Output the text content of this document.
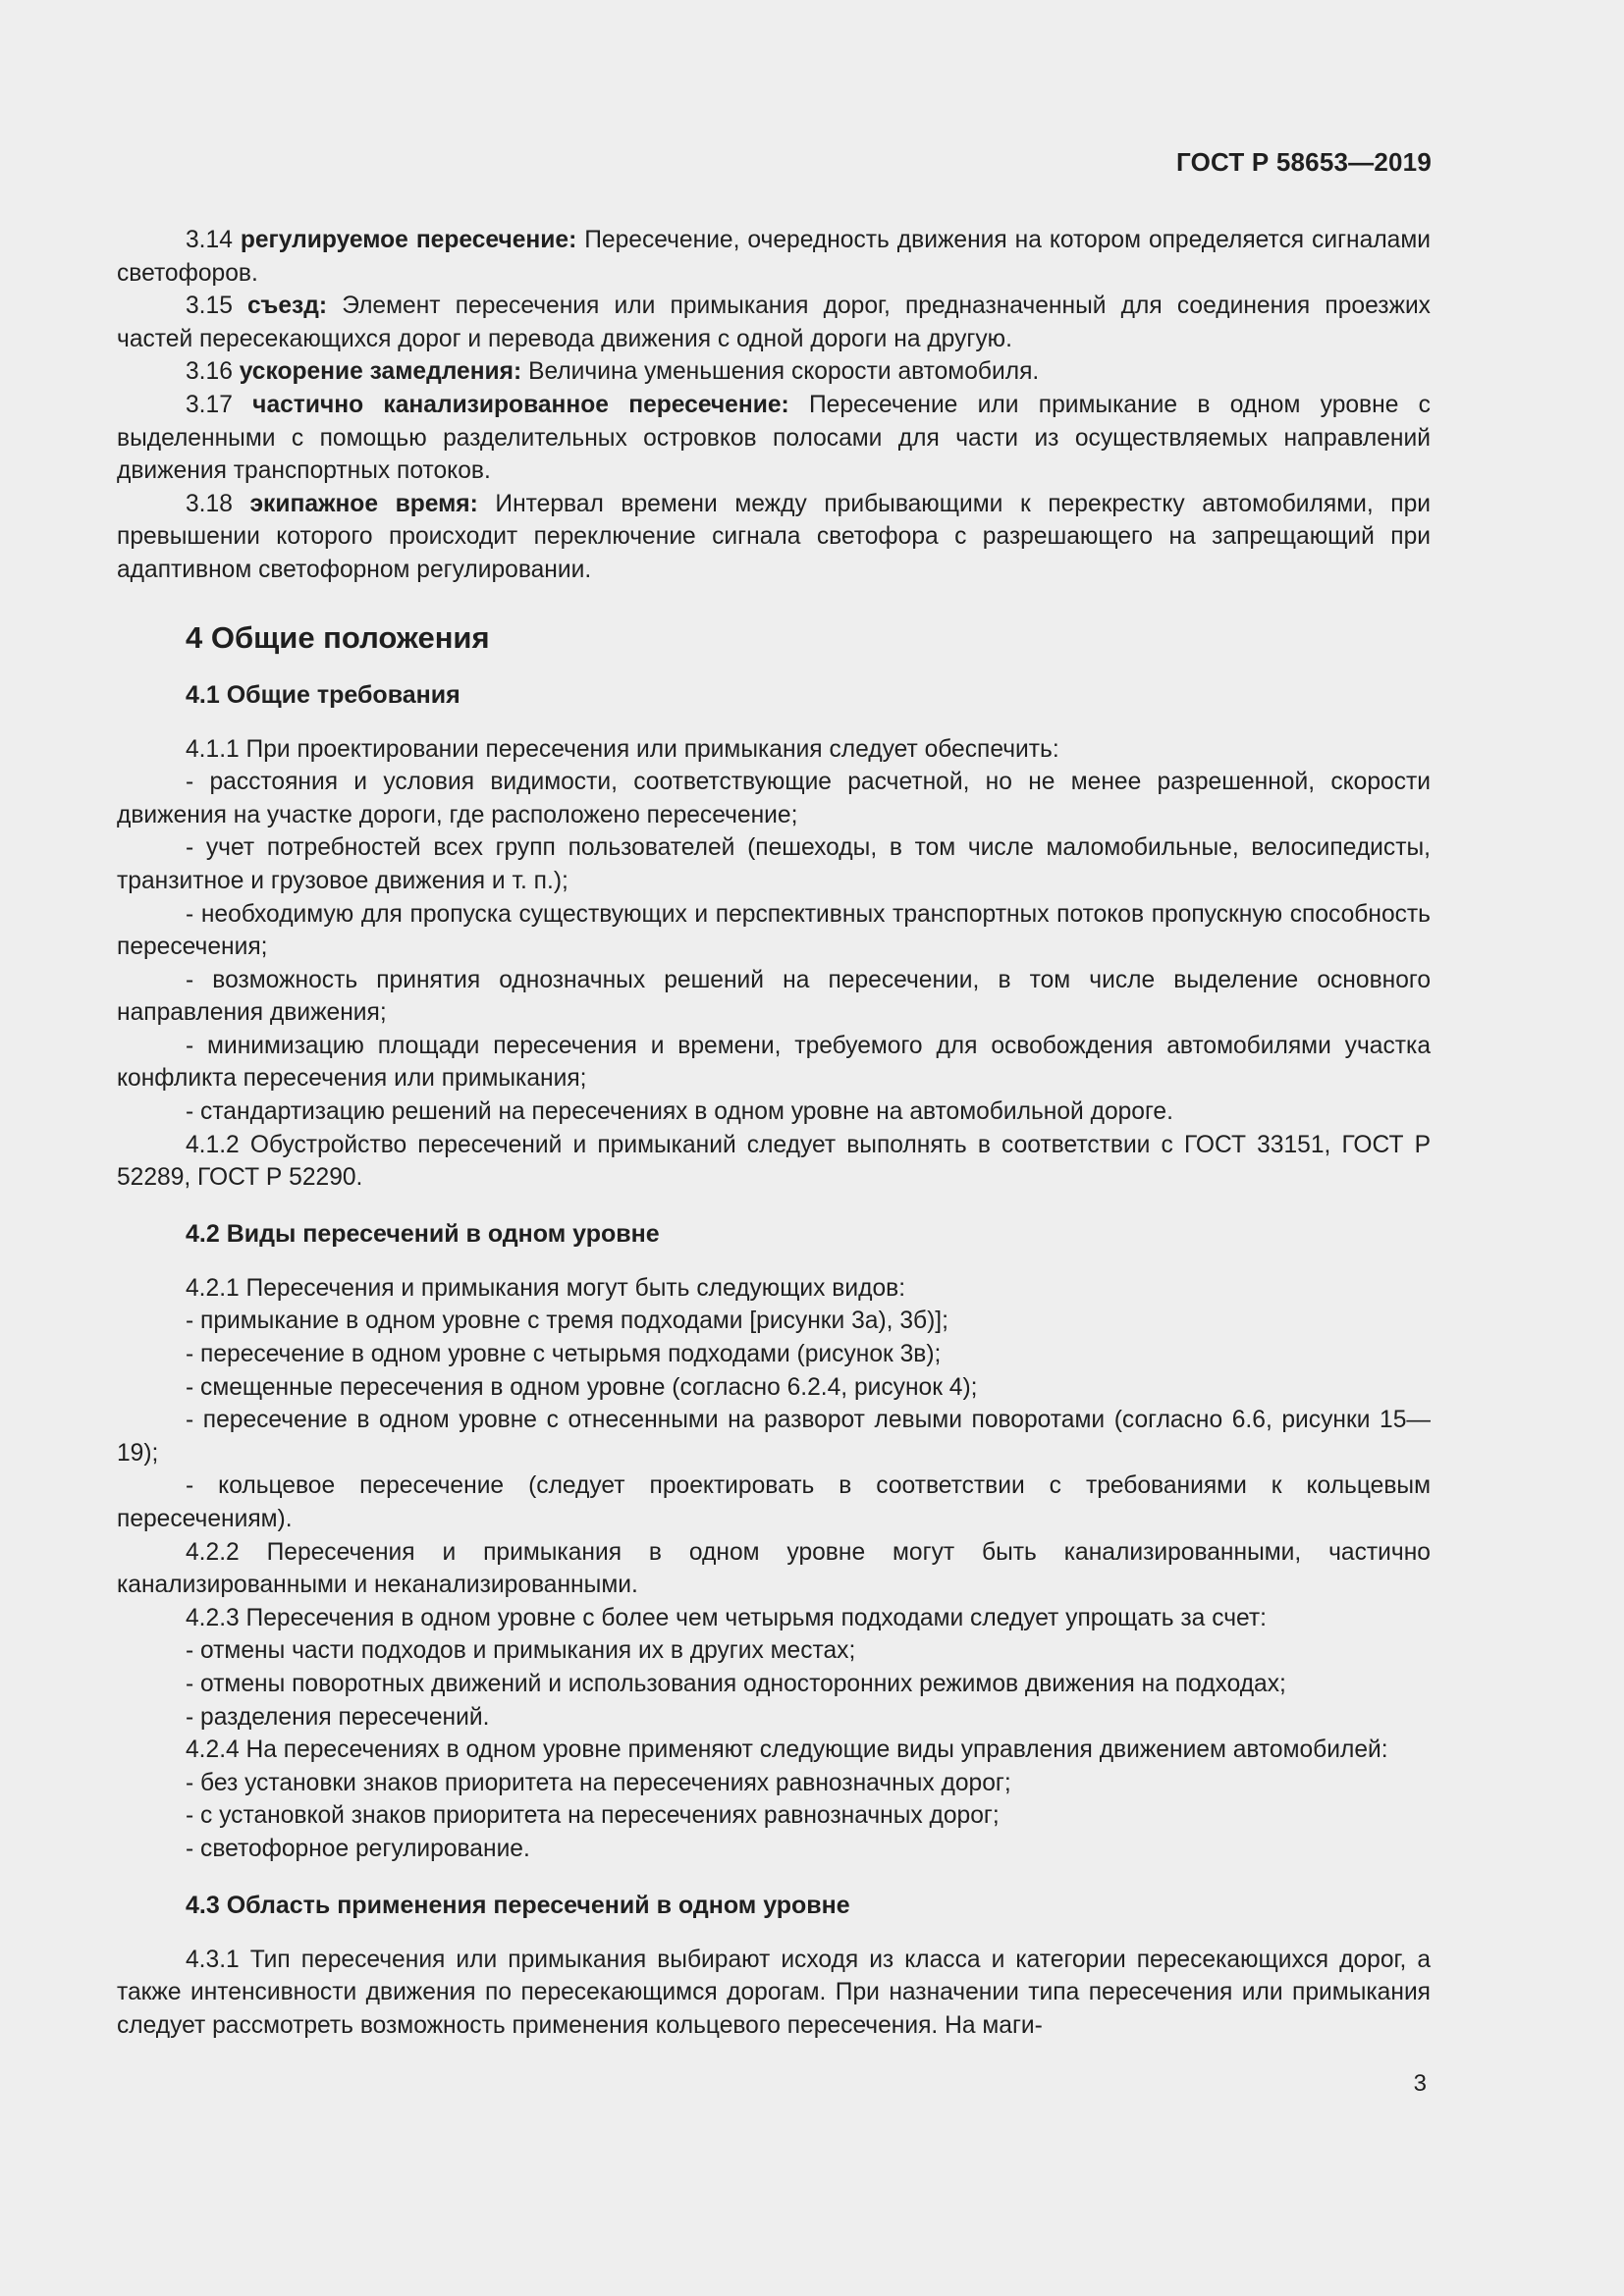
ГОСТ Р 58653—2019

3.14 регулируемое пересечение: Пересечение, очередность движения на котором определяется сигналами светофоров.

3.15 съезд: Элемент пересечения или примыкания дорог, предназначенный для соединения проезжих частей пересекающихся дорог и перевода движения с одной дороги на другую.

3.16 ускорение замедления: Величина уменьшения скорости автомобиля.

3.17 частично канализированное пересечение: Пересечение или примыкание в одном уровне с выделенными с помощью разделительных островков полосами для части из осуществляемых направлений движения транспортных потоков.

3.18 экипажное время: Интервал времени между прибывающими к перекрестку автомобилями, при превышении которого происходит переключение сигнала светофора с разрешающего на запрещающий при адаптивном светофорном регулировании.

4 Общие положения
4.1 Общие требования

4.1.1 При проектировании пересечения или примыкания следует обеспечить:

- расстояния и условия видимости, соответствующие расчетной, но не менее разрешенной, скорости движения на участке дороги, где расположено пересечение;

- учет потребностей всех групп пользователей (пешеходы, в том числе маломобильные, велосипедисты, транзитное и грузовое движения и т. п.);

- необходимую для пропуска существующих и перспективных транспортных потоков пропускную способность пересечения;

- возможность принятия однозначных решений на пересечении, в том числе выделение основного направления движения;

- минимизацию площади пересечения и времени, требуемого для освобождения автомобилями участка конфликта пересечения или примыкания;

- стандартизацию решений на пересечениях в одном уровне на автомобильной дороге.

4.1.2 Обустройство пересечений и примыканий следует выполнять в соответствии с ГОСТ 33151, ГОСТ Р 52289, ГОСТ Р 52290.

4.2 Виды пересечений в одном уровне

4.2.1 Пересечения и примыкания могут быть следующих видов:

- примыкание в одном уровне с тремя подходами [рисунки 3а), 3б)];

- пересечение в одном уровне с четырьмя подходами (рисунок 3в);

- смещенные пересечения в одном уровне (согласно 6.2.4, рисунок 4);

- пересечение в одном уровне с отнесенными на разворот левыми поворотами (согласно 6.6, рисунки 15—19);

- кольцевое пересечение (следует проектировать в соответствии с требованиями к кольцевым пересечениям).

4.2.2 Пересечения и примыкания в одном уровне могут быть канализированными, частично канализированными и неканализированными.

4.2.3 Пересечения в одном уровне с более чем четырьмя подходами следует упрощать за счет:

- отмены части подходов и примыкания их в других местах;

- отмены поворотных движений и использования односторонних режимов движения на подходах;

- разделения пересечений.

4.2.4 На пересечениях в одном уровне применяют следующие виды управления движением автомобилей:

- без установки знаков приоритета на пересечениях равнозначных дорог;

- с установкой знаков приоритета на пересечениях равнозначных дорог;

- светофорное регулирование.

4.3 Область применения пересечений в одном уровне

4.3.1 Тип пересечения или примыкания выбирают исходя из класса и категории пересекающихся дорог, а также интенсивности движения по пересекающимся дорогам. При назначении типа пересечения или примыкания следует рассмотреть возможность применения кольцевого пересечения. На маги-

3
